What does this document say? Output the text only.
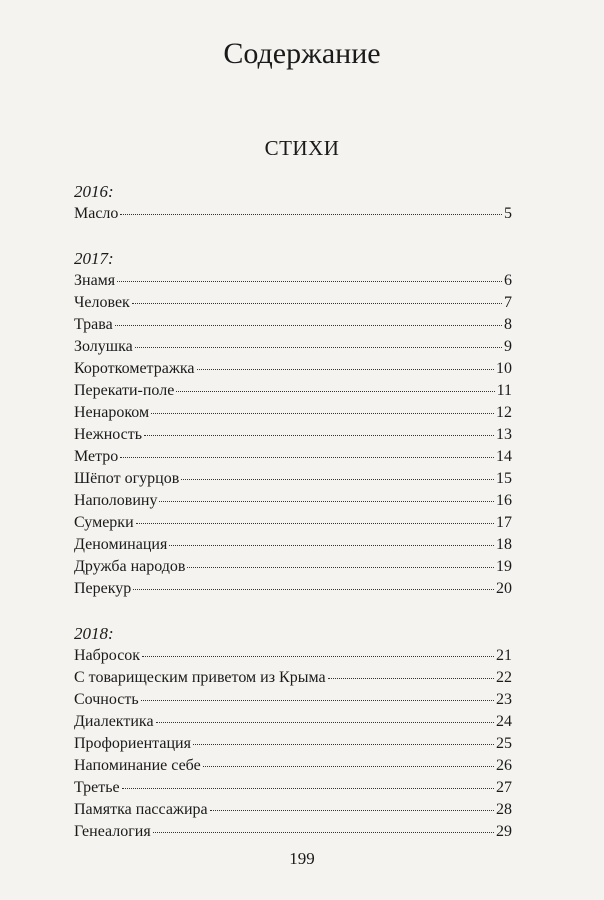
Содержание
СТИХИ
2016:
Масло	5
2017:
Знамя	6
Человек	7
Трава	8
Золушка	9
Короткометражка	10
Перекати-поле	11
Ненароком	12
Нежность	13
Метро	14
Шёпот огурцов	15
Наполовину	16
Сумерки	17
Деноминация	18
Дружба народов	19
Перекур	20
2018:
Набросок	21
С товарищеским приветом из Крыма	22
Сочность	23
Диалектика	24
Профориентация	25
Напоминание себе	26
Третье	27
Памятка пассажира	28
Генеалогия	29
199
